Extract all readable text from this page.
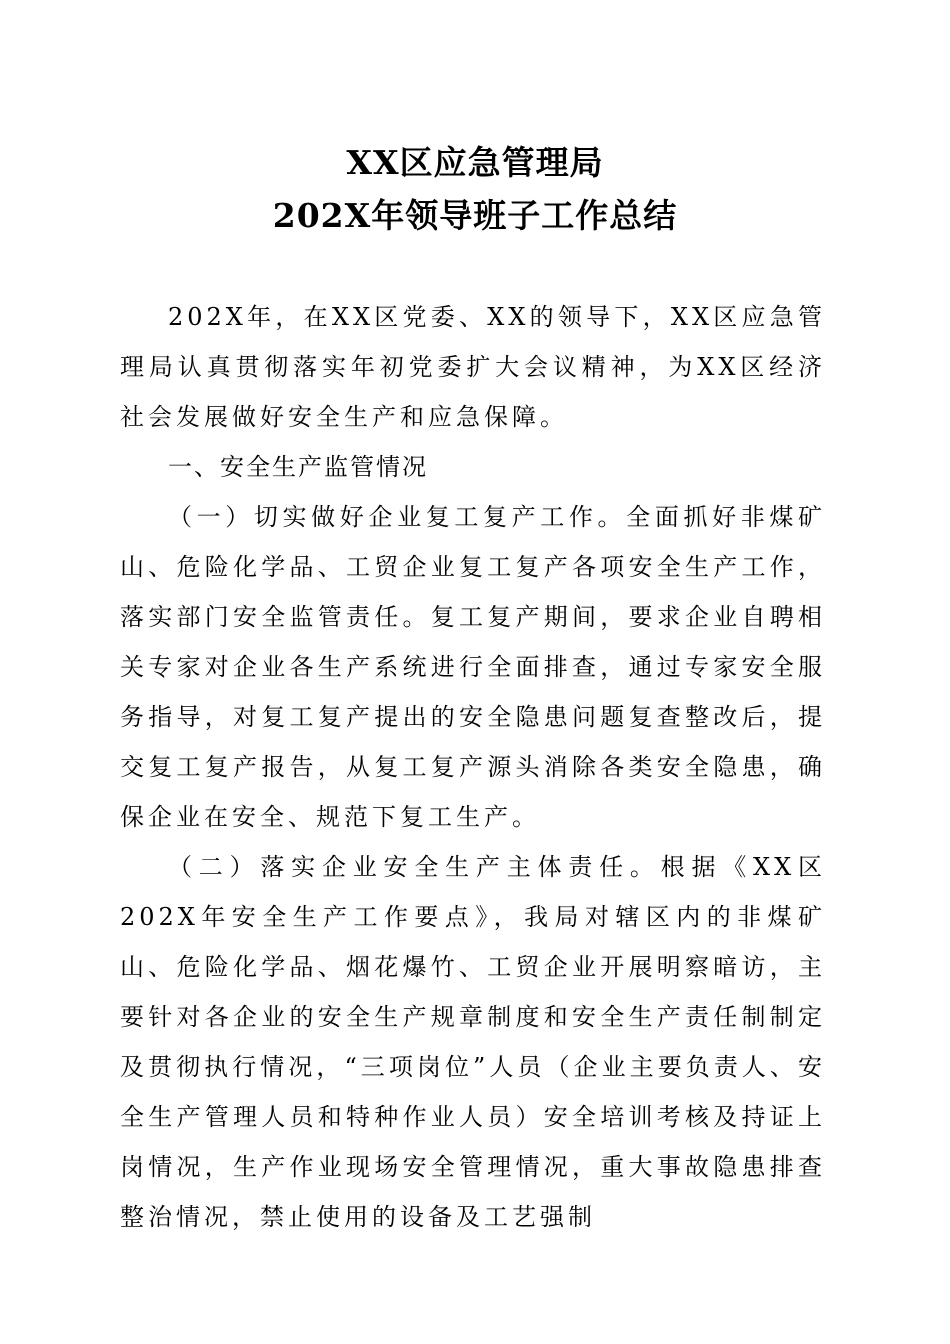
XX区应急管理局
202X年领导班子工作总结

202X年，在XX区党委、XX的领导下，XX区应急管理局认真贯彻落实年初党委扩大会议精神，为XX区经济社会发展做好安全生产和应急保障。

一、安全生产监管情况

（一）切实做好企业复工复产工作。全面抓好非煤矿山、危险化学品、工贸企业复工复产各项安全生产工作，落实部门安全监管责任。复工复产期间，要求企业自聘相关专家对企业各生产系统进行全面排查，通过专家安全服务指导，对复工复产提出的安全隐患问题复查整改后，提交复工复产报告，从复工复产源头消除各类安全隐患，确保企业在安全、规范下复工生产。

（二）落实企业安全生产主体责任。根据《XX区202X年安全生产工作要点》，我局对辖区内的非煤矿山、危险化学品、烟花爆竹、工贸企业开展明察暗访，主要针对各企业的安全生产规章制度和安全生产责任制制定及贯彻执行情况，“三项岗位”人员（企业主要负责人、安全生产管理人员和特种作业人员）安全培训考核及持证上岗情况，生产作业现场安全管理情况，重大事故隐患排查整治情况，禁止使用的设备及工艺强制
